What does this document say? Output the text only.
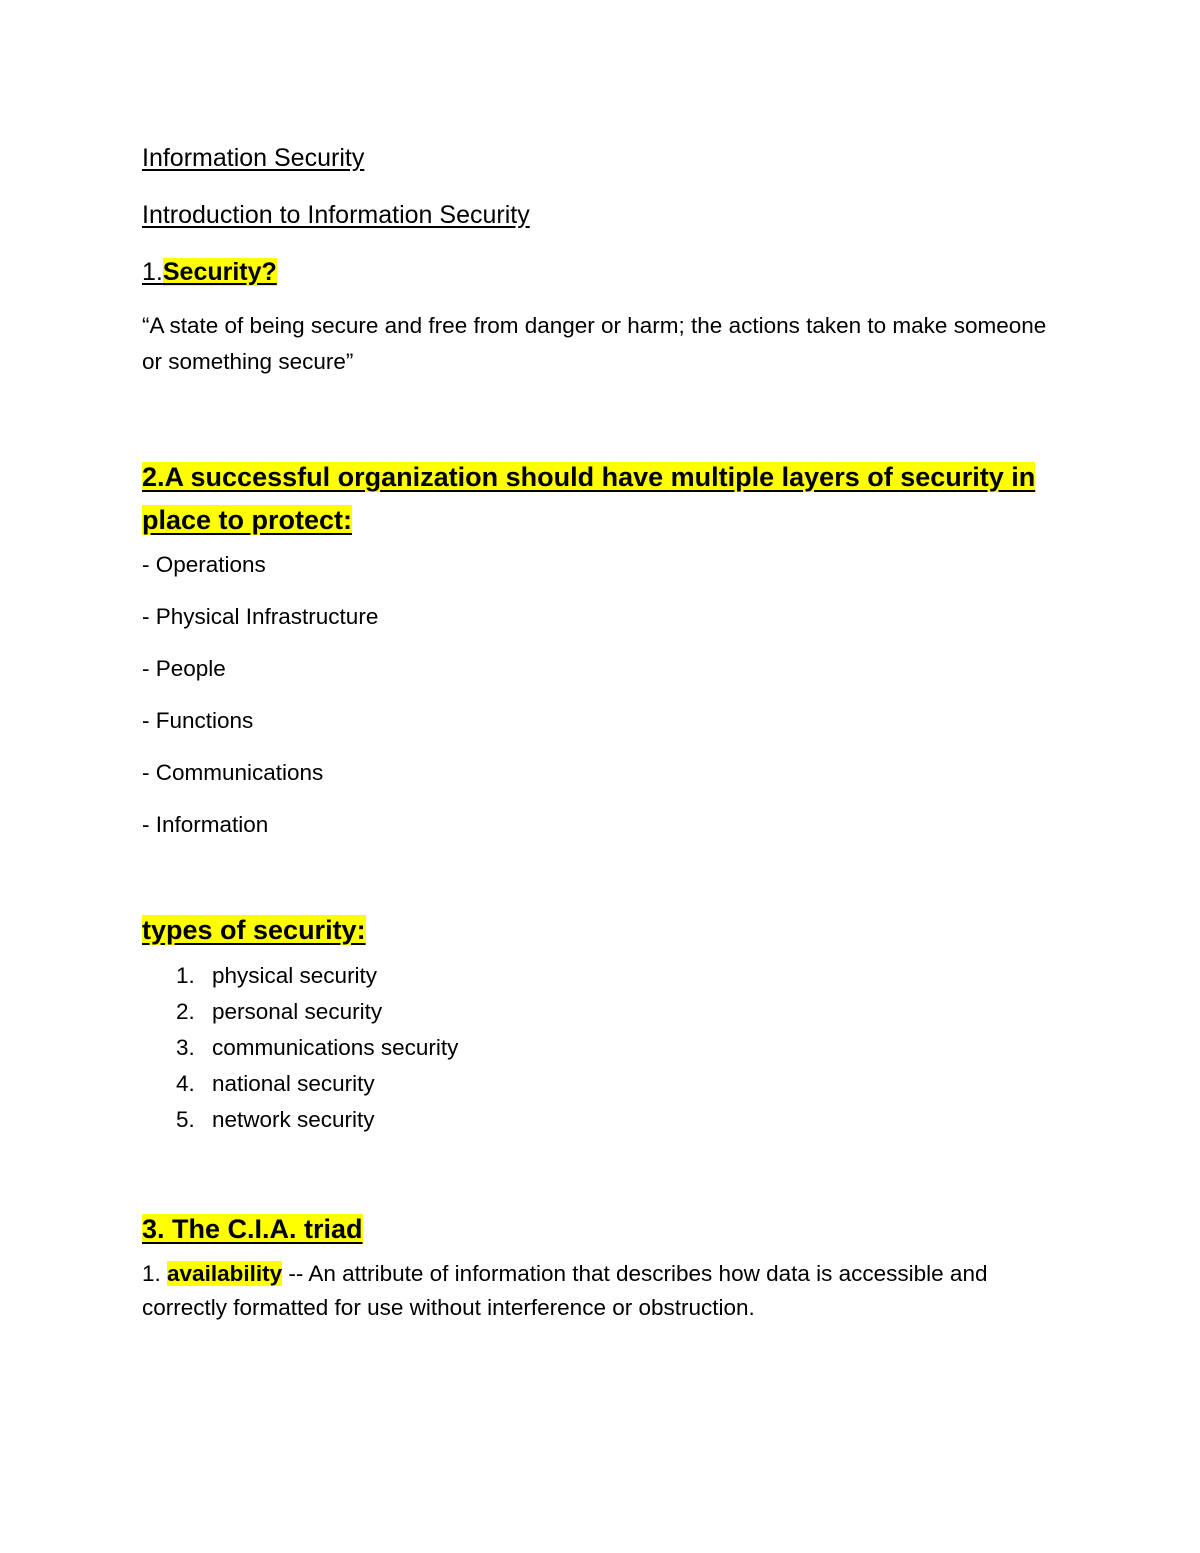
Information Security
Introduction to Information Security
1.Security?

“A state of being secure and free from danger or harm; the actions taken to make someone or something secure”

2.A successful organization should have multiple layers of security in place to protect:
- Operations
- Physical Infrastructure
- People
- Functions
- Communications
- Information
types of security:
1. physical security
2. personal security
3. communications security
4. national security
5. network security
3. The C.I.A. triad

1. availability -- An attribute of information that describes how data is accessible and correctly formatted for use without interference or obstruction.
